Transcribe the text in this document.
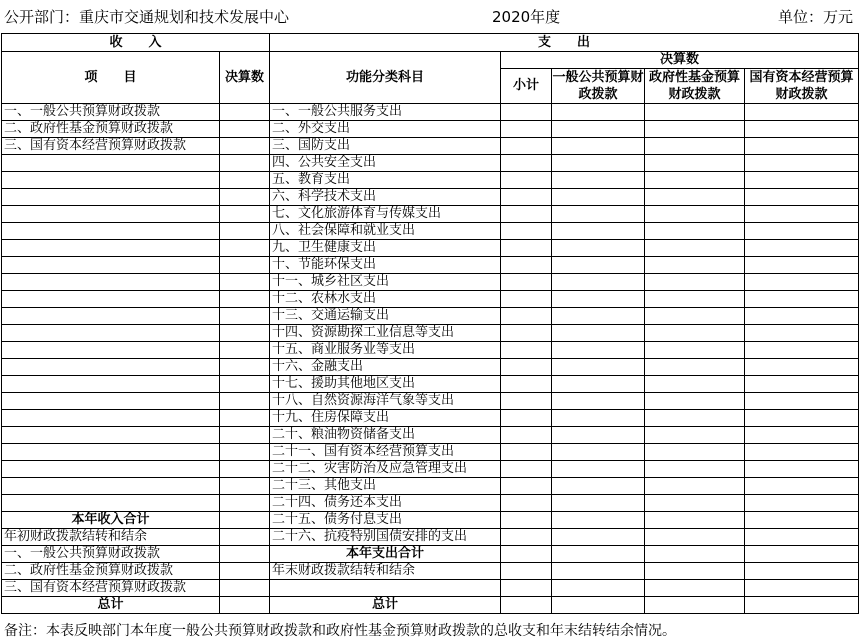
公开部门：重庆市交通规划和技术发展中心	2020年度	单位：万元
收　　入		支　　出				
项　　目	决算数	功能分类科目	决算数			
			小计	一般公共预算财政拨款	政府性基金预算财政拨款	国有资本经营预算财政拨款

一、一般公共预算财政拨款		一、一般公共服务支出				
二、政府性基金预算财政拨款		二、外交支出				
三、国有资本经营预算财政拨款		三、国防支出				
		四、公共安全支出				
		五、教育支出				
		六、科学技术支出				
		七、文化旅游体育与传媒支出				
		八、社会保障和就业支出				
		九、卫生健康支出				
		十、节能环保支出				
		十一、城乡社区支出				
		十二、农林水支出				
		十三、交通运输支出				
		十四、资源勘探工业信息等支出				
		十五、商业服务业等支出				
		十六、金融支出				
		十七、援助其他地区支出				
		十八、自然资源海洋气象等支出				
		十九、住房保障支出				
		二十、粮油物资储备支出				
		二十一、国有资本经营预算支出				
		二十二、灾害防治及应急管理支出				
		二十三、其他支出				
		二十四、债务还本支出				
本年收入合计		二十五、债务付息支出				
年初财政拨款结转和结余		二十六、抗疫特别国债安排的支出				
一、一般公共预算财政拨款		本年支出合计				
二、政府性基金预算财政拨款		年末财政拨款结转和结余				
三、国有资本经营预算财政拨款						
总计		总计				
备注：本表反映部门本年度一般公共预算财政拨款和政府性基金预算财政拨款的总收支和年末结转结余情况。
